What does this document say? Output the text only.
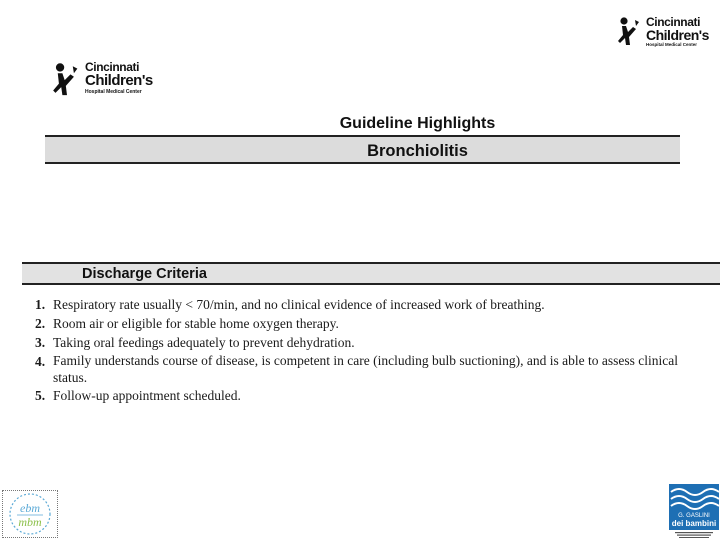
Cincinnati
Children's
Hospital Medical Center
Cincinnati
Children's
Hospital Medical Center
Guideline Highlights
Bronchiolitis
Discharge Criteria
1. Respiratory rate usually < 70/min, and no clinical evidence of increased work of breathing.
2. Room air or eligible for stable home oxygen therapy.
3. Taking oral feedings adequately to prevent dehydration.
4. Family understands course of disease, is competent in care (including bulb suctioning), and is able to assess clinical status.
5. Follow-up appointment scheduled.
ebm
mbm	G. GASLINI
dei bambini
